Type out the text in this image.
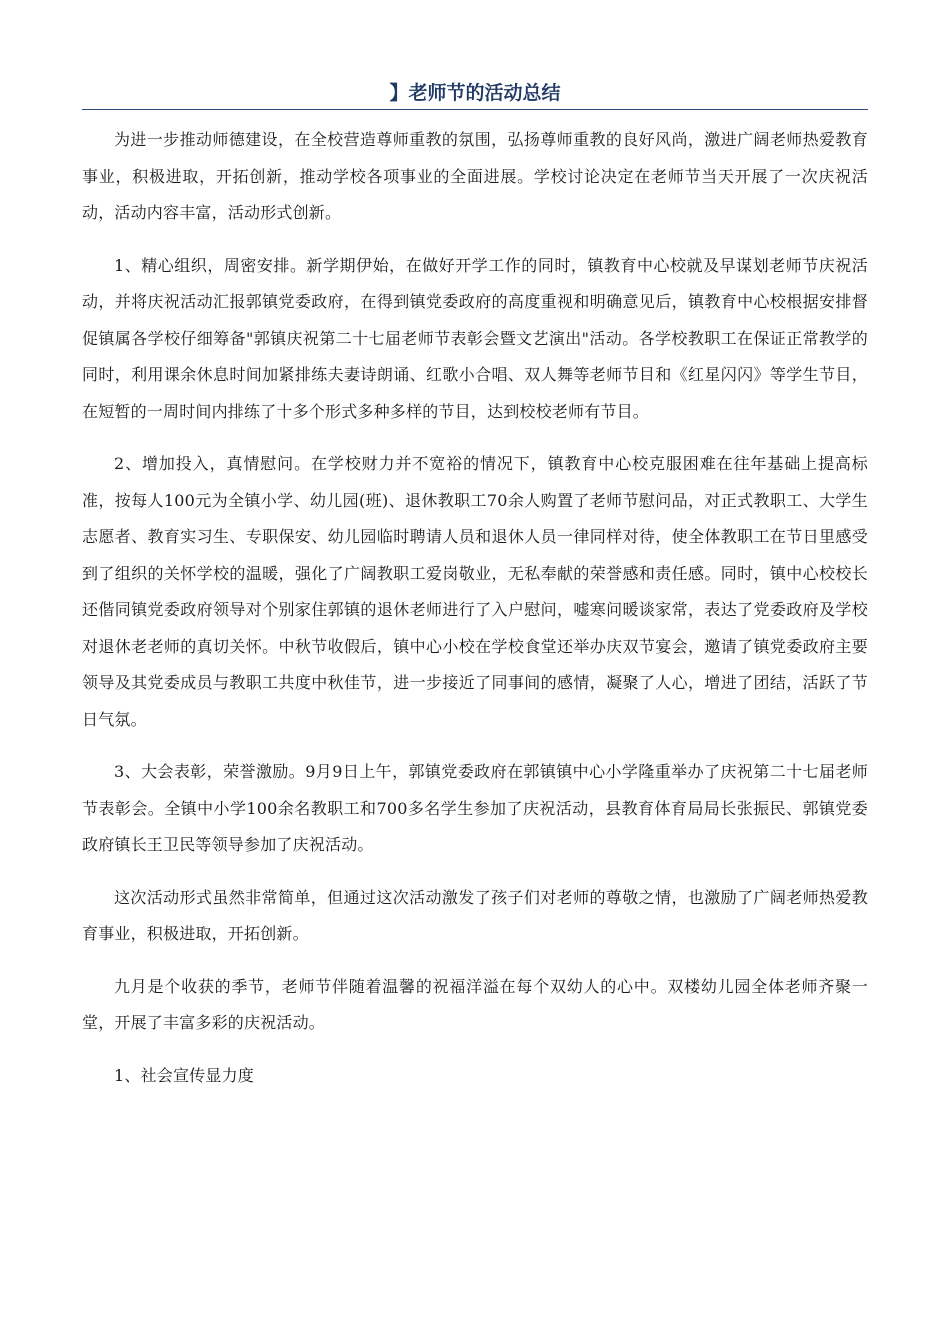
】老师节的活动总结

为进一步推动师德建设，在全校营造尊师重教的氛围，弘扬尊师重教的良好风尚，激进广阔老师热爱教育事业，积极进取，开拓创新，推动学校各项事业的全面进展。学校讨论决定在老师节当天开展了一次庆祝活动，活动内容丰富，活动形式创新。

1、精心组织，周密安排。新学期伊始，在做好开学工作的同时，镇教育中心校就及早谋划老师节庆祝活动，并将庆祝活动汇报郭镇党委政府，在得到镇党委政府的高度重视和明确意见后，镇教育中心校根据安排督促镇属各学校仔细筹备"郭镇庆祝第二十七届老师节表彰会暨文艺演出"活动。各学校教职工在保证正常教学的同时，利用课余休息时间加紧排练夫妻诗朗诵、红歌小合唱、双人舞等老师节目和《红星闪闪》等学生节目，在短暂的一周时间内排练了十多个形式多种多样的节目，达到校校老师有节目。

2、增加投入，真情慰问。在学校财力并不宽裕的情况下，镇教育中心校克服困难在往年基础上提高标准，按每人100元为全镇小学、幼儿园(班)、退休教职工70余人购置了老师节慰问品，对正式教职工、大学生志愿者、教育实习生、专职保安、幼儿园临时聘请人员和退休人员一律同样对待，使全体教职工在节日里感受到了组织的关怀学校的温暖，强化了广阔教职工爱岗敬业，无私奉献的荣誉感和责任感。同时，镇中心校校长还偕同镇党委政府领导对个别家住郭镇的退休老师进行了入户慰问，嘘寒问暖谈家常，表达了党委政府及学校对退休老老师的真切关怀。中秋节收假后，镇中心小校在学校食堂还举办庆双节宴会，邀请了镇党委政府主要领导及其党委成员与教职工共度中秋佳节，进一步接近了同事间的感情，凝聚了人心，增进了团结，活跃了节日气氛。

3、大会表彰，荣誉激励。9月9日上午，郭镇党委政府在郭镇镇中心小学隆重举办了庆祝第二十七届老师节表彰会。全镇中小学100余名教职工和700多名学生参加了庆祝活动，县教育体育局局长张振民、郭镇党委政府镇长王卫民等领导参加了庆祝活动。

这次活动形式虽然非常简单，但通过这次活动激发了孩子们对老师的尊敬之情，也激励了广阔老师热爱教育事业，积极进取，开拓创新。

九月是个收获的季节，老师节伴随着温馨的祝福洋溢在每个双幼人的心中。双楼幼儿园全体老师齐聚一堂，开展了丰富多彩的庆祝活动。

1、社会宣传显力度
